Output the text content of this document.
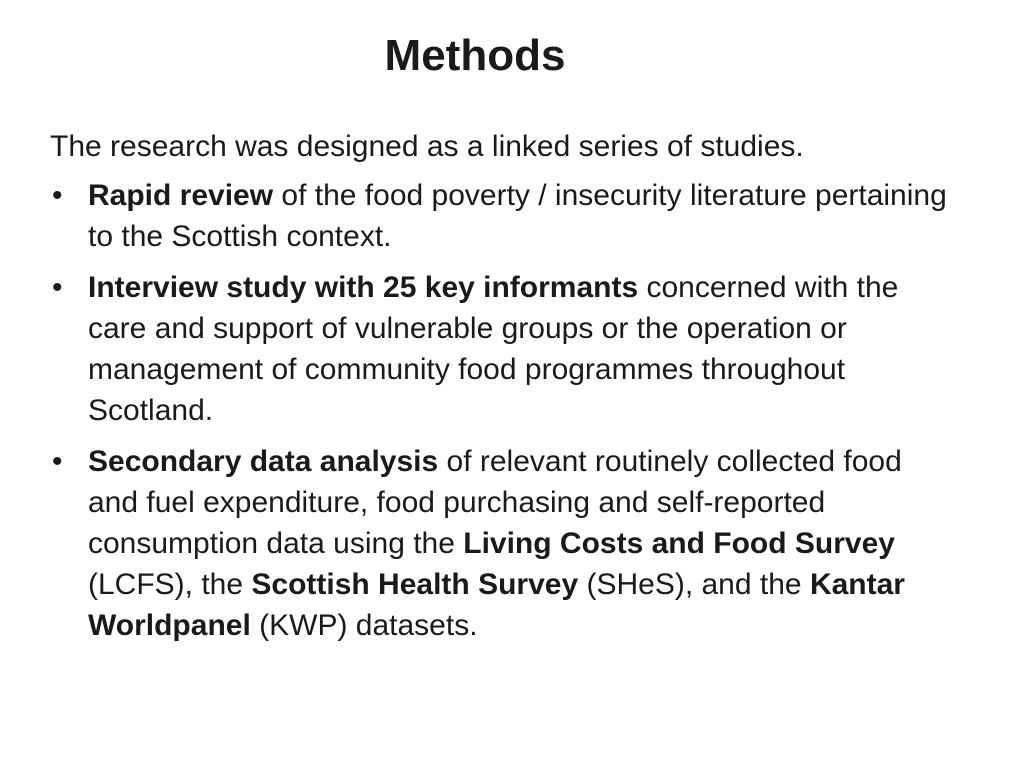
Methods

The research was designed as a linked series of studies.

• Rapid review of the food poverty / insecurity literature pertaining to the Scottish context.
• Interview study with 25 key informants concerned with the care and support of vulnerable groups or the operation or management of community food programmes throughout Scotland.
• Secondary data analysis of relevant routinely collected food and fuel expenditure, food purchasing and self-reported consumption data using the Living Costs and Food Survey (LCFS), the Scottish Health Survey (SHeS), and the Kantar Worldpanel (KWP) datasets.
